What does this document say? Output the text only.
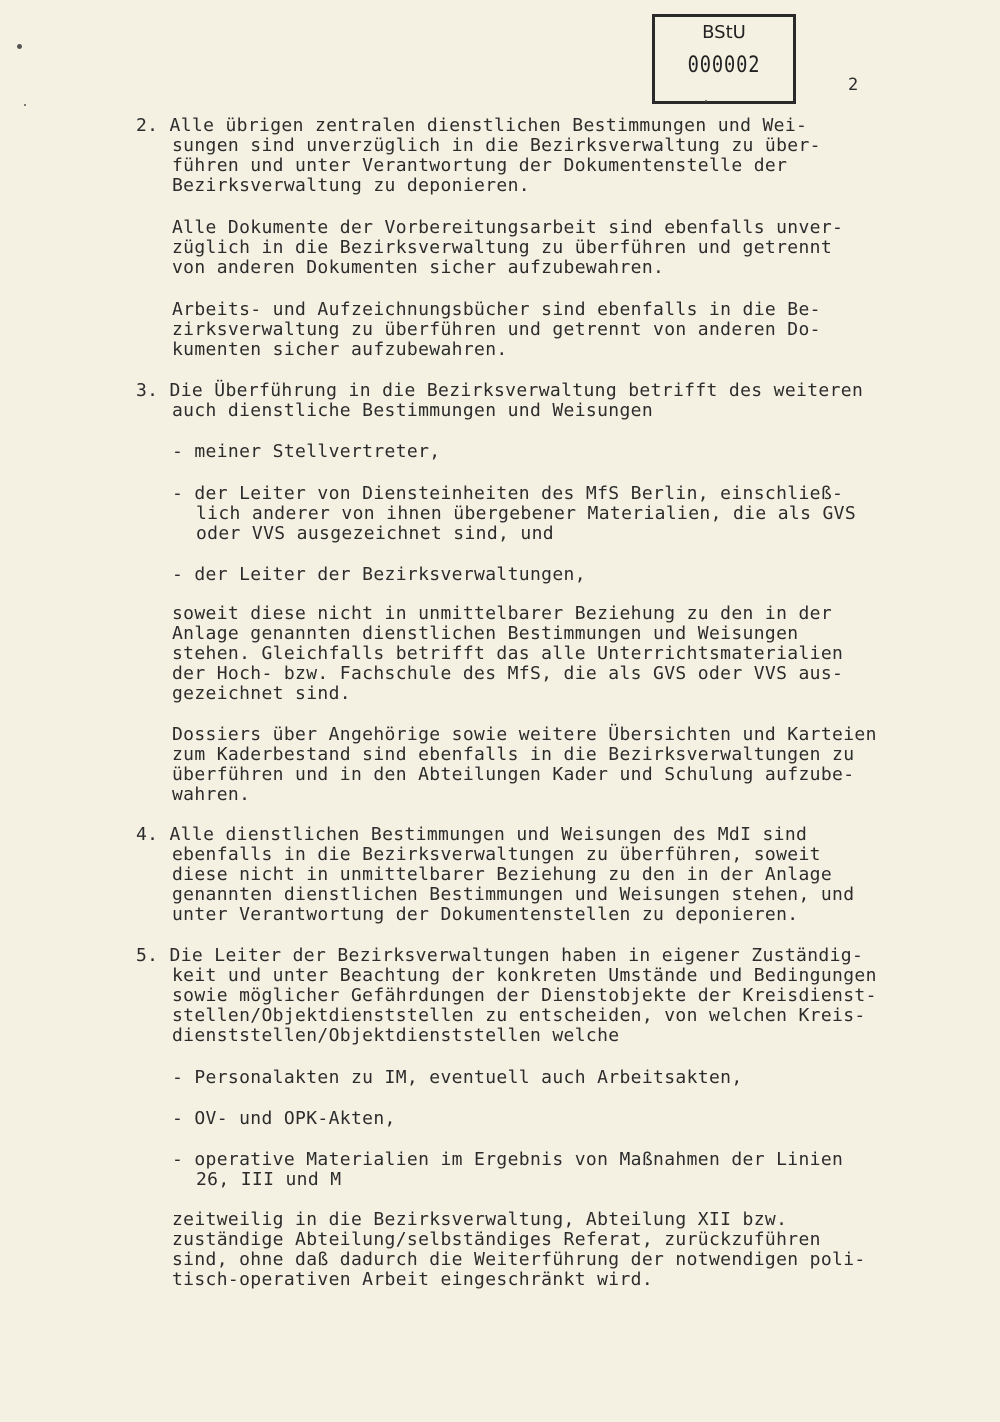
BStU
000002
2
2. Alle übrigen zentralen dienstlichen Bestimmungen und Wei-
sungen sind unverzüglich in die Bezirksverwaltung zu über-
führen und unter Verantwortung der Dokumentenstelle der
Bezirksverwaltung zu deponieren.
Alle Dokumente der Vorbereitungsarbeit sind ebenfalls unver-
züglich in die Bezirksverwaltung zu überführen und getrennt
von anderen Dokumenten sicher aufzubewahren.
Arbeits- und Aufzeichnungsbücher sind ebenfalls in die Be-
zirksverwaltung zu überführen und getrennt von anderen Do-
kumenten sicher aufzubewahren.
3. Die Überführung in die Bezirksverwaltung betrifft des weiteren
auch dienstliche Bestimmungen und Weisungen
- meiner Stellvertreter,
- der Leiter von Diensteinheiten des MfS Berlin, einschließ-
lich anderer von ihnen übergebener Materialien, die als GVS
oder VVS ausgezeichnet sind, und
- der Leiter der Bezirksverwaltungen,
soweit diese nicht in unmittelbarer Beziehung zu den in der
Anlage genannten dienstlichen Bestimmungen und Weisungen
stehen. Gleichfalls betrifft das alle Unterrichtsmaterialien
der Hoch- bzw. Fachschule des MfS, die als GVS oder VVS aus-
gezeichnet sind.
Dossiers über Angehörige sowie weitere Übersichten und Karteien
zum Kaderbestand sind ebenfalls in die Bezirksverwaltungen zu
überführen und in den Abteilungen Kader und Schulung aufzube-
wahren.
4. Alle dienstlichen Bestimmungen und Weisungen des MdI sind
ebenfalls in die Bezirksverwaltungen zu überführen, soweit
diese nicht in unmittelbarer Beziehung zu den in der Anlage
genannten dienstlichen Bestimmungen und Weisungen stehen, und
unter Verantwortung der Dokumentenstellen zu deponieren.
5. Die Leiter der Bezirksverwaltungen haben in eigener Zuständig-
keit und unter Beachtung der konkreten Umstände und Bedingungen
sowie möglicher Gefährdungen der Dienstobjekte der Kreisdienst-
stellen/Objektdienststellen zu entscheiden, von welchen Kreis-
dienststellen/Objektdienststellen welche
- Personalakten zu IM, eventuell auch Arbeitsakten,
- OV- und OPK-Akten,
- operative Materialien im Ergebnis von Maßnahmen der Linien
26, III und M
zeitweilig in die Bezirksverwaltung, Abteilung XII bzw.
zuständige Abteilung/selbständiges Referat, zurückzuführen
sind, ohne daß dadurch die Weiterführung der notwendigen poli-
tisch-operativen Arbeit eingeschränkt wird.
